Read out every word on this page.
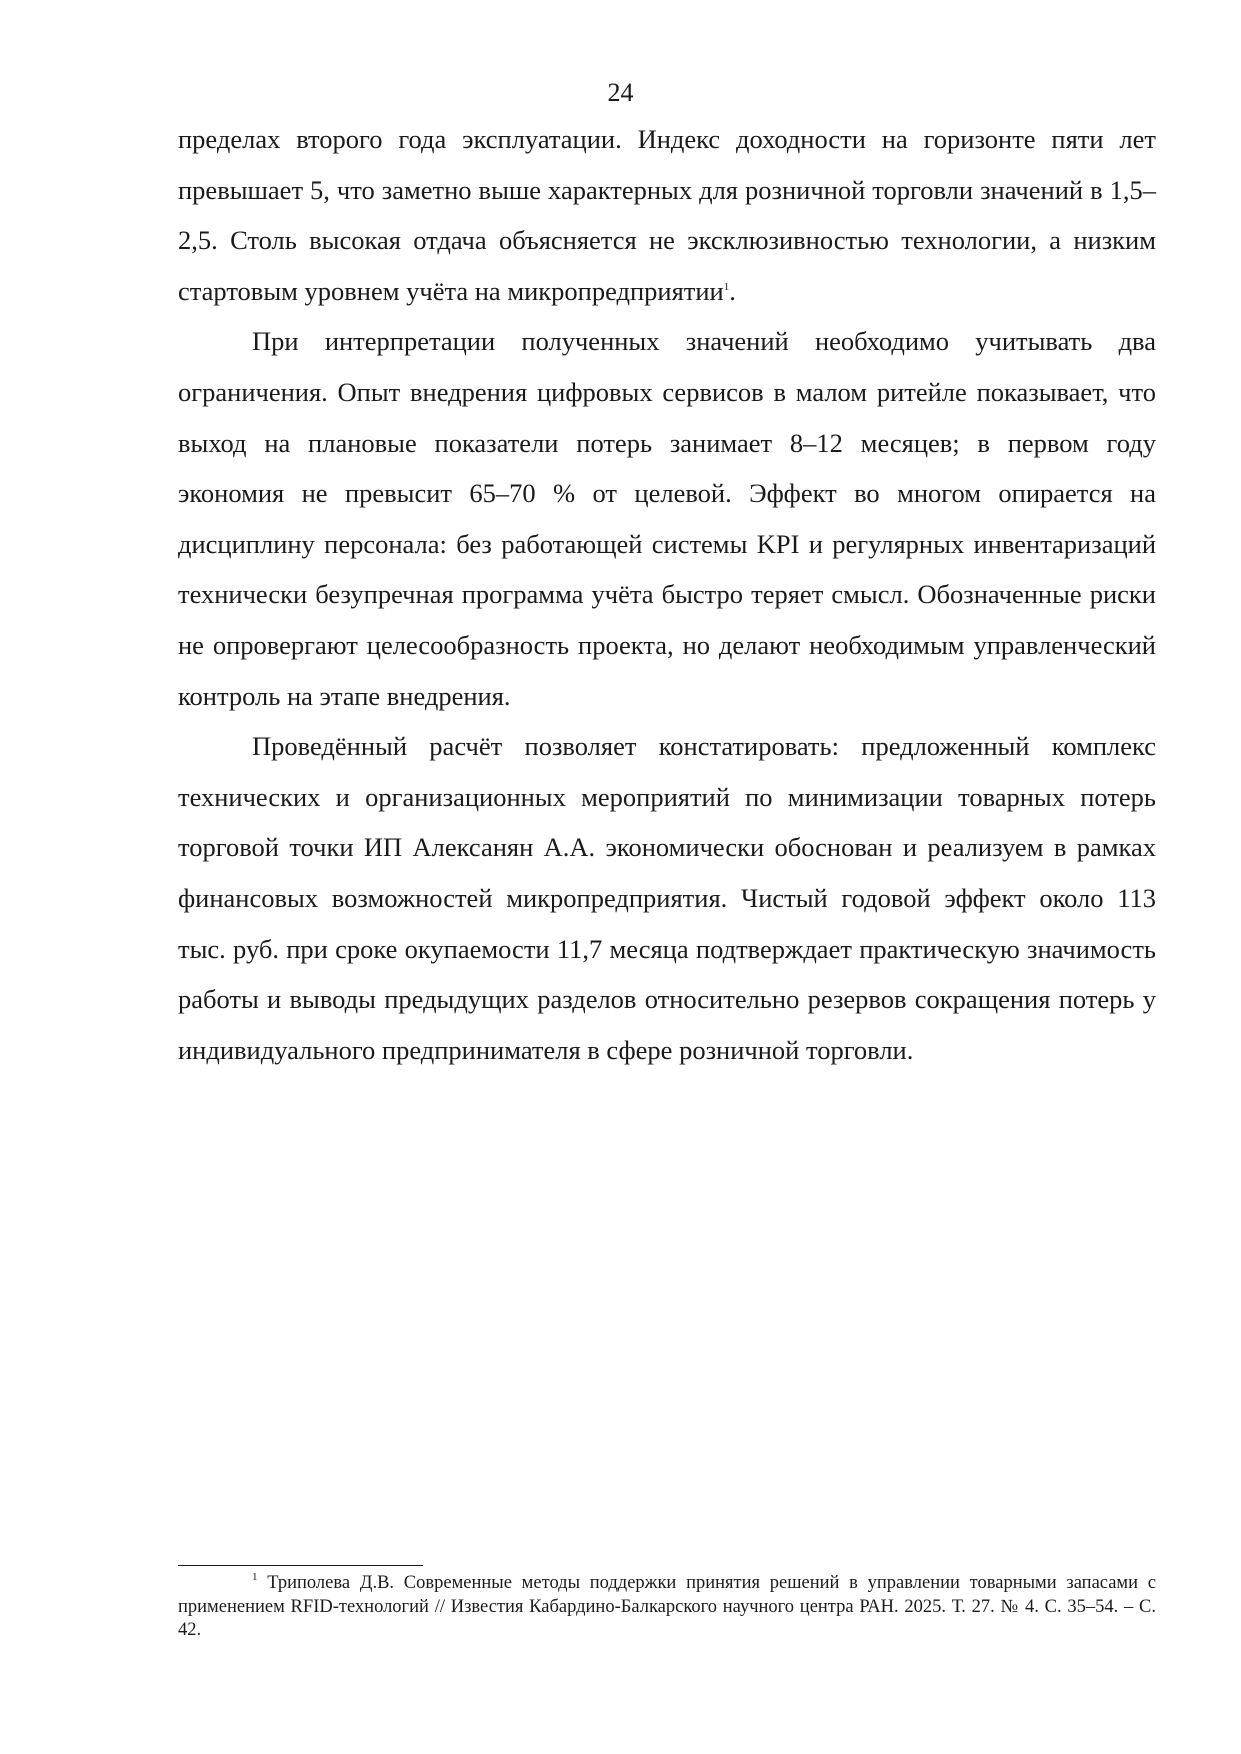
24

пределах второго года эксплуатации. Индекс доходности на горизонте пяти лет превышает 5, что заметно выше характерных для розничной торговли значений в 1,5–2,5. Столь высокая отдача объясняется не эксклюзивностью технологии, а низким стартовым уровнем учёта на микропредприятии$^1$.

При интерпретации полученных значений необходимо учитывать два ограничения. Опыт внедрения цифровых сервисов в малом ритейле показывает, что выход на плановые показатели потерь занимает 8–12 месяцев; в первом году экономия не превысит 65–70 % от целевой. Эффект во многом опирается на дисциплину персонала: без работающей системы KPI и регулярных инвентаризаций технически безупречная программа учёта быстро теряет смысл. Обозначенные риски не опровергают целесообразность проекта, но делают необходимым управленческий контроль на этапе внедрения.

Проведённый расчёт позволяет констатировать: предложенный комплекс технических и организационных мероприятий по минимизации товарных потерь торговой точки ИП Алексанян А.А. экономически обоснован и реализуем в рамках финансовых возможностей микропредприятия. Чистый годовой эффект около 113 тыс. руб. при сроке окупаемости 11,7 месяца подтверждает практическую значимость работы и выводы предыдущих разделов относительно резервов сокращения потерь у индивидуального предпринимателя в сфере розничной торговли.

$^1$ Триполева Д.В. Современные методы поддержки принятия решений в управлении товарными запасами с применением RFID-технологий // Известия Кабардино-Балкарского научного центра РАН. 2025. Т. 27. № 4. С. 35–54. – С. 42.
